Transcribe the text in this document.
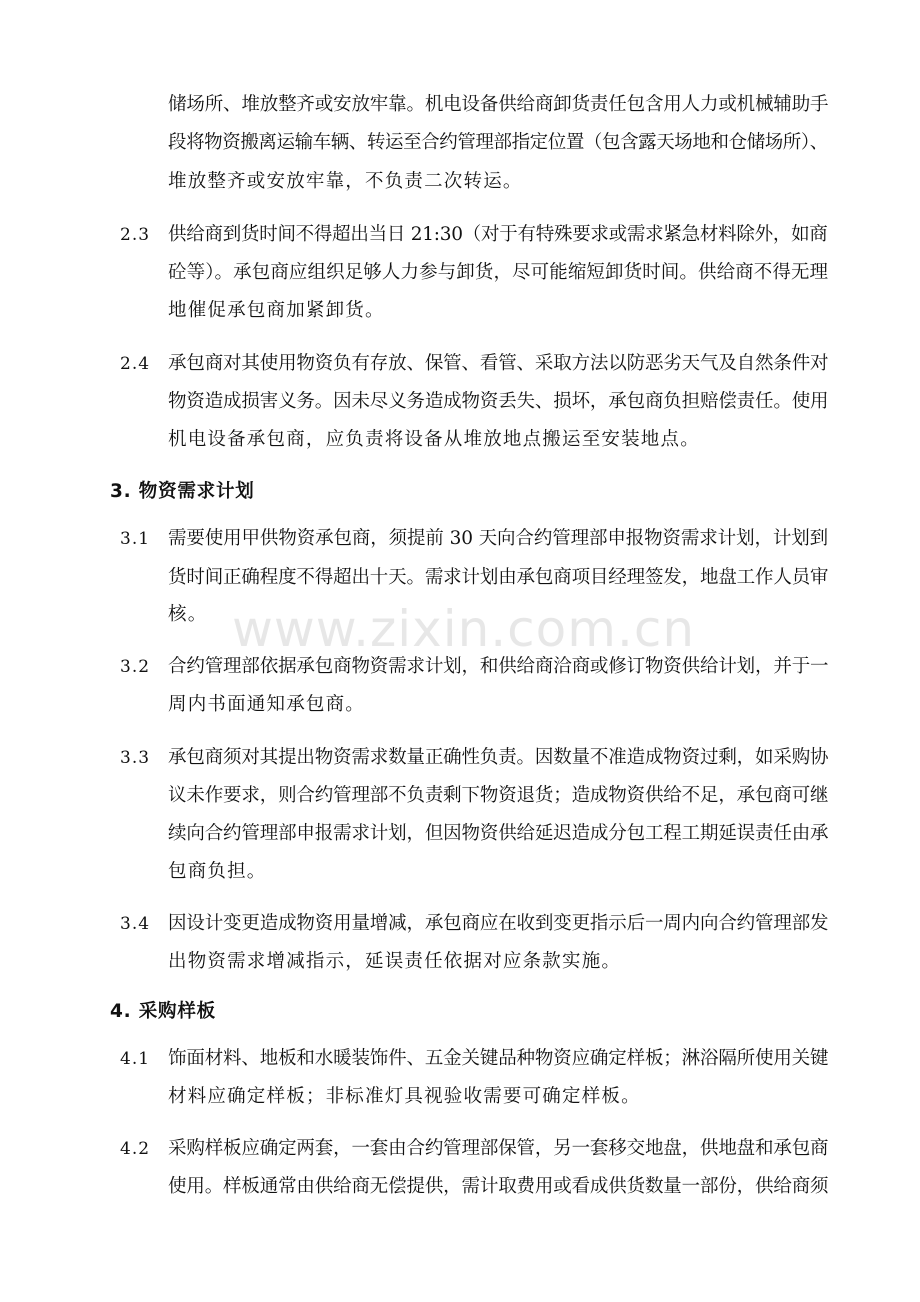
储场所、堆放整齐或安放牢靠。机电设备供给商卸货责任包含用人力或机械辅助手
段将物资搬离运输车辆、转运至合约管理部指定位置（包含露天场地和仓储场所）、
堆放整齐或安放牢靠，不负责二次转运。
2.3 供给商到货时间不得超出当日 21:30（对于有特殊要求或需求紧急材料除外，如商
砼等）。承包商应组织足够人力参与卸货，尽可能缩短卸货时间。供给商不得无理
地催促承包商加紧卸货。
2.4 承包商对其使用物资负有存放、保管、看管、采取方法以防恶劣天气及自然条件对
物资造成损害义务。因未尽义务造成物资丢失、损坏，承包商负担赔偿责任。使用
机电设备承包商，应负责将设备从堆放地点搬运至安装地点。
3. 物资需求计划
3.1 需要使用甲供物资承包商，须提前 30 天向合约管理部申报物资需求计划，计划到
货时间正确程度不得超出十天。需求计划由承包商项目经理签发，地盘工作人员审
核。
3.2 合约管理部依据承包商物资需求计划，和供给商洽商或修订物资供给计划，并于一
周内书面通知承包商。
3.3 承包商须对其提出物资需求数量正确性负责。因数量不准造成物资过剩，如采购协
议未作要求，则合约管理部不负责剩下物资退货；造成物资供给不足，承包商可继
续向合约管理部申报需求计划，但因物资供给延迟造成分包工程工期延误责任由承
包商负担。
3.4 因设计变更造成物资用量增减，承包商应在收到变更指示后一周内向合约管理部发
出物资需求增减指示，延误责任依据对应条款实施。
4. 采购样板
4.1 饰面材料、地板和水暖装饰件、五金关键品种物资应确定样板；淋浴隔所使用关键
材料应确定样板；非标准灯具视验收需要可确定样板。
4.2 采购样板应确定两套，一套由合约管理部保管，另一套移交地盘，供地盘和承包商
使用。样板通常由供给商无偿提供，需计取费用或看成供货数量一部份，供给商须
www.zixin.com.cn
